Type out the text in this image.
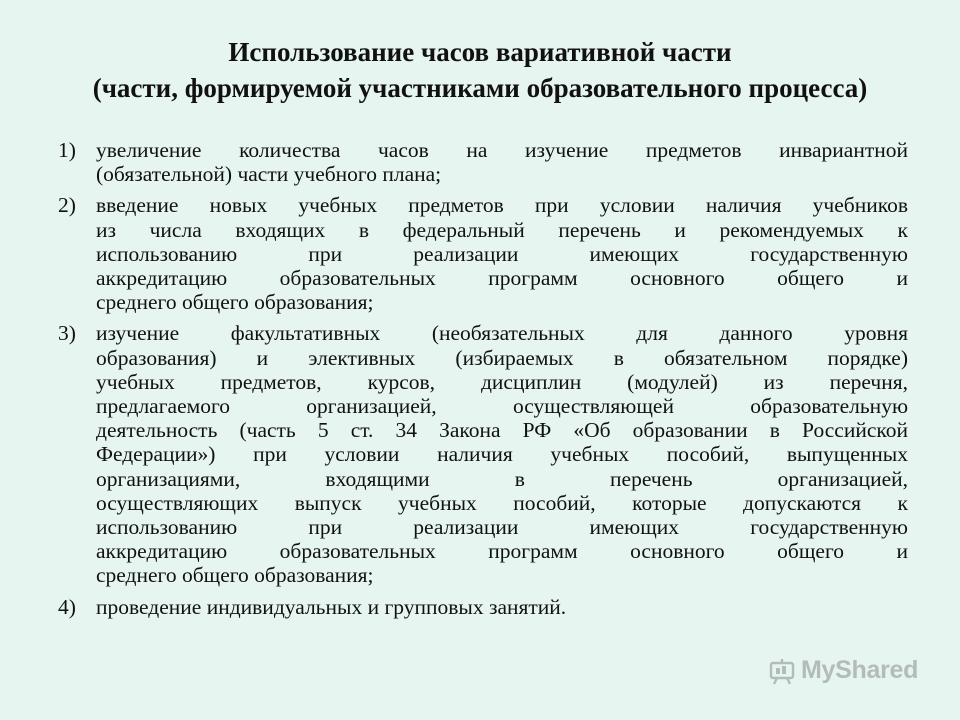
Использование часов вариативной части
(части, формируемой участниками образовательного процесса)
1) увеличение количества часов на изучение предметов инвариантной
(обязательной) части учебного плана;
2) введение новых учебных предметов при условии наличия учебников
из числа входящих в федеральный перечень и рекомендуемых к
использованию при реализации имеющих государственную
аккредитацию образовательных программ основного общего и
среднего общего образования;
3) изучение факультативных (необязательных для данного уровня
образования) и элективных (избираемых в обязательном порядке)
учебных предметов, курсов, дисциплин (модулей) из перечня,
предлагаемого организацией, осуществляющей образовательную
деятельность (часть 5 ст. 34 Закона РФ «Об образовании в Российской
Федерации») при условии наличия учебных пособий, выпущенных
организациями, входящими в перечень организацией,
осуществляющих выпуск учебных пособий, которые допускаются к
использованию при реализации имеющих государственную
аккредитацию образовательных программ основного общего и
среднего общего образования;
4) проведение индивидуальных и групповых занятий.
MyShared
